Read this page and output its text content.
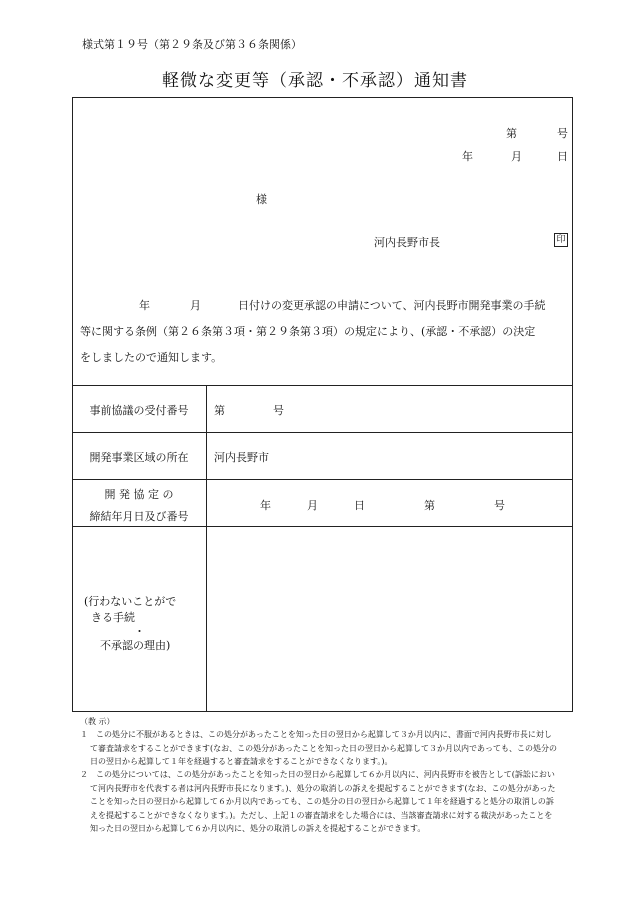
様式第１９号（第２９条及び第３６条関係）
軽微な変更等（承認・不承認）通知書
第	号
年	月	日
様
河内長野市長	印
年	月	日付けの変更承認の申請について、河内長野市開発事業の手続
等に関する条例（第２６条第３項・第２９条第３項）の規定により、(承認・不承認）の決定
をしましたので通知します。
事前協議の受付番号	第	号
開発事業区域の所在	河内長野市
開 発 協 定 の
締結年月日及び番号
年	月	日	第	号
(行わないことがで
きる手続
・
不承認の理由)
（教 示）
１　この処分に不服があるときは、この処分があったことを知った日の翌日から起算して３か月以内に、書面で河内長野市長に対して審査請求をすることができます(なお、この処分があったことを知った日の翌日から起算して３か月以内であっても、この処分の日の翌日から起算して１年を経過すると審査請求をすることができなくなります。)。
２　この処分については、この処分があったことを知った日の翌日から起算して６か月以内に、河内長野市を被告として(訴訟において河内長野市を代表する者は河内長野市長になります。)、処分の取消しの訴えを提起することができます(なお、この処分があったことを知った日の翌日から起算して６か月以内であっても、この処分の日の翌日から起算して１年を経過すると処分の取消しの訴えを提起することができなくなります。)。ただし、上記１の審査請求をした場合には、当該審査請求に対する裁決があったことを知った日の翌日から起算して６か月以内に、処分の取消しの訴えを提起することができます。
